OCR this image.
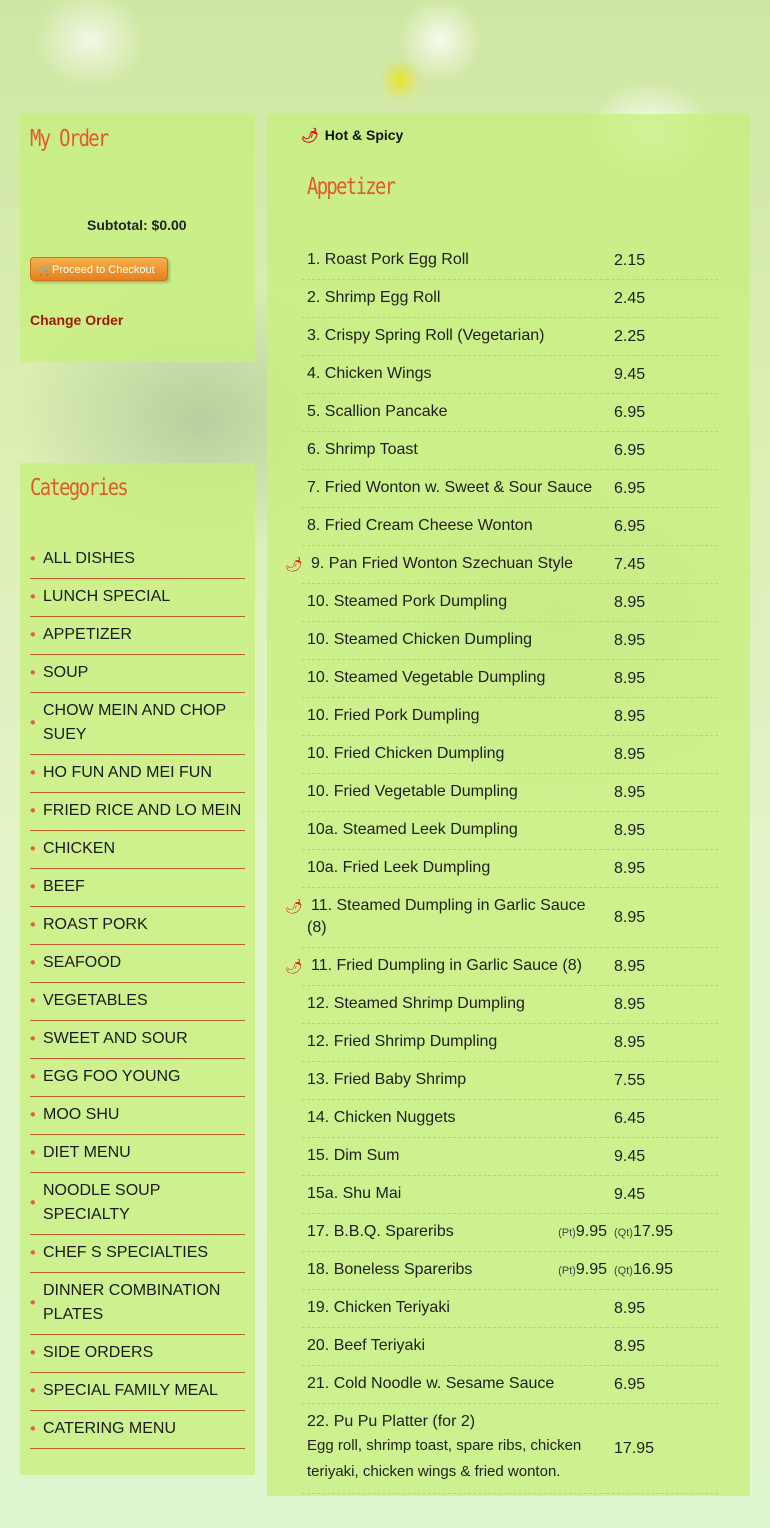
My Order
Subtotal: $0.00
🛒Proceed to Checkout
Change Order
Categories
• ALL DISHES
• LUNCH SPECIAL
• APPETIZER
• SOUP
• CHOW MEIN AND CHOP SUEY
• HO FUN AND MEI FUN
• FRIED RICE AND LO MEIN
• CHICKEN
• BEEF
• ROAST PORK
• SEAFOOD
• VEGETABLES
• SWEET AND SOUR
• EGG FOO YOUNG
• MOO SHU
• DIET MENU
• NOODLE SOUP SPECIALTY
• CHEF S SPECIALTIES
• DINNER COMBINATION PLATES
• SIDE ORDERS
• SPECIAL FAMILY MEAL
• CATERING MENU
🌶 Hot & Spicy
Appetizer
1. Roast Pork Egg Roll	2.15

2. Shrimp Egg Roll	2.45

3. Crispy Spring Roll (Vegetarian)	2.25

4. Chicken Wings	9.45

5. Scallion Pancake	6.95

6. Shrimp Toast	6.95

7. Fried Wonton w. Sweet & Sour Sauce	6.95

8. Fried Cream Cheese Wonton	6.95

🌶 9. Pan Fried Wonton Szechuan Style	7.45

10. Steamed Pork Dumpling	8.95

10. Steamed Chicken Dumpling	8.95

10. Steamed Vegetable Dumpling	8.95

10. Fried Pork Dumpling	8.95

10. Fried Chicken Dumpling	8.95

10. Fried Vegetable Dumpling	8.95

10a. Steamed Leek Dumpling	8.95

10a. Fried Leek Dumpling	8.95

🌶 11. Steamed Dumpling in Garlic Sauce (8)	8.95

🌶 11. Fried Dumpling in Garlic Sauce (8)	8.95

12. Steamed Shrimp Dumpling	8.95

12. Fried Shrimp Dumpling	8.95

13. Fried Baby Shrimp	7.55

14. Chicken Nuggets	6.45

15. Dim Sum	9.45

15a. Shu Mai	9.45

17. B.B.Q. Spareribs (Pt)9.95	(Qt)17.95

18. Boneless Spareribs (Pt)9.95	(Qt)16.95

19. Chicken Teriyaki	8.95

20. Beef Teriyaki	8.95

21. Cold Noodle w. Sesame Sauce	6.95

22. Pu Pu Platter (for 2)
Egg roll, shrimp toast, spare ribs, chicken teriyaki, chicken wings & fried wonton.	17.95
